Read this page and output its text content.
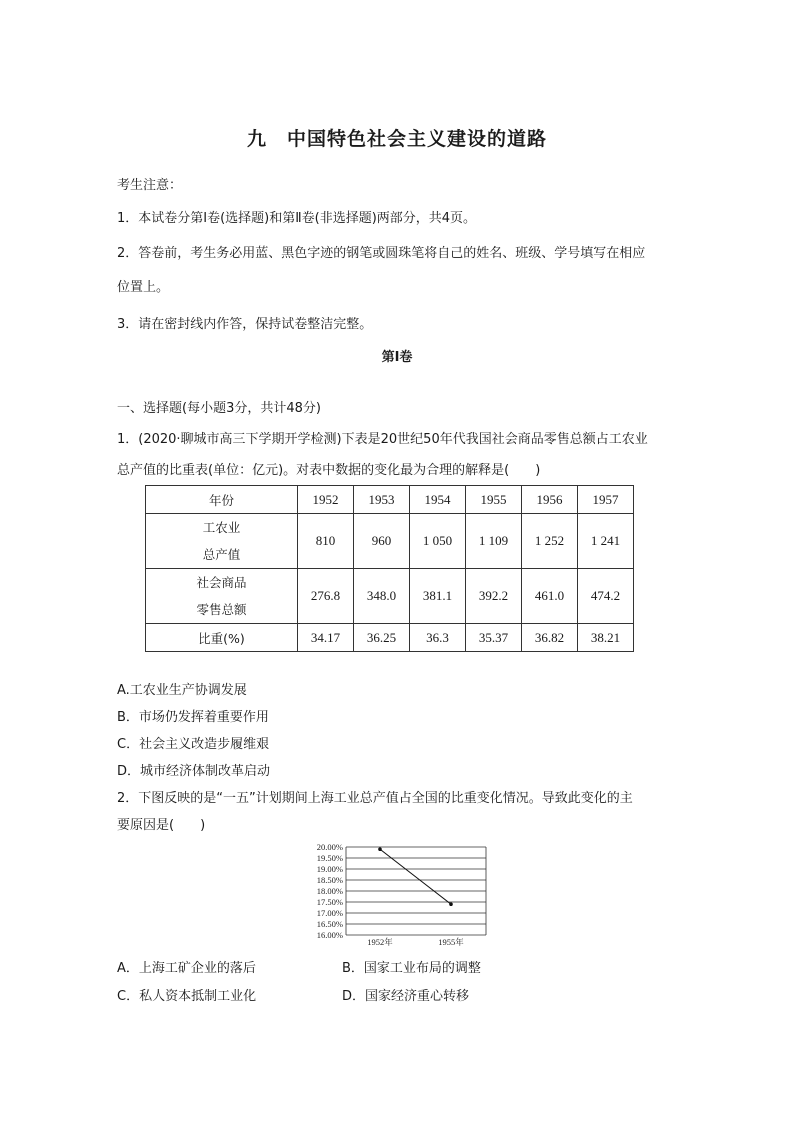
九　中国特色社会主义建设的道路
考生注意：
1．本试卷分第Ⅰ卷(选择题)和第Ⅱ卷(非选择题)两部分，共4页。
2．答卷前，考生务必用蓝、黑色字迹的钢笔或圆珠笔将自己的姓名、班级、学号填写在相应
位置上。
3．请在密封线内作答，保持试卷整洁完整。
第Ⅰ卷
一、选择题(每小题3分，共计48分)
1．(2020·聊城市高三下学期开学检测)下表是20世纪50年代我国社会商品零售总额占工农业
总产值的比重表(单位：亿元)。对表中数据的变化最为合理的解释是(　　)
年份	1952	1953	1954	1955	1956	1957

工农业
总产值	810	960	1 050	1 109	1 252	1 241

社会商品
零售总额	276.8	348.0	381.1	392.2	461.0	474.2
比重(%)	34.17	36.25	36.3	35.37	36.82	38.21
A.工农业生产协调发展
B．市场仍发挥着重要作用
C．社会主义改造步履维艰
D．城市经济体制改革启动
2．下图反映的是“一五”计划期间上海工业总产值占全国的比重变化情况。导致此变化的主
要原因是(　　)
20.00%
19.50%
19.00%
18.50%
18.00%
17.50%
17.00%
16.50%
16.00%
1952年	1955年
A．上海工矿企业的落后	B．国家工业布局的调整
C．私人资本抵制工业化	D．国家经济重心转移
